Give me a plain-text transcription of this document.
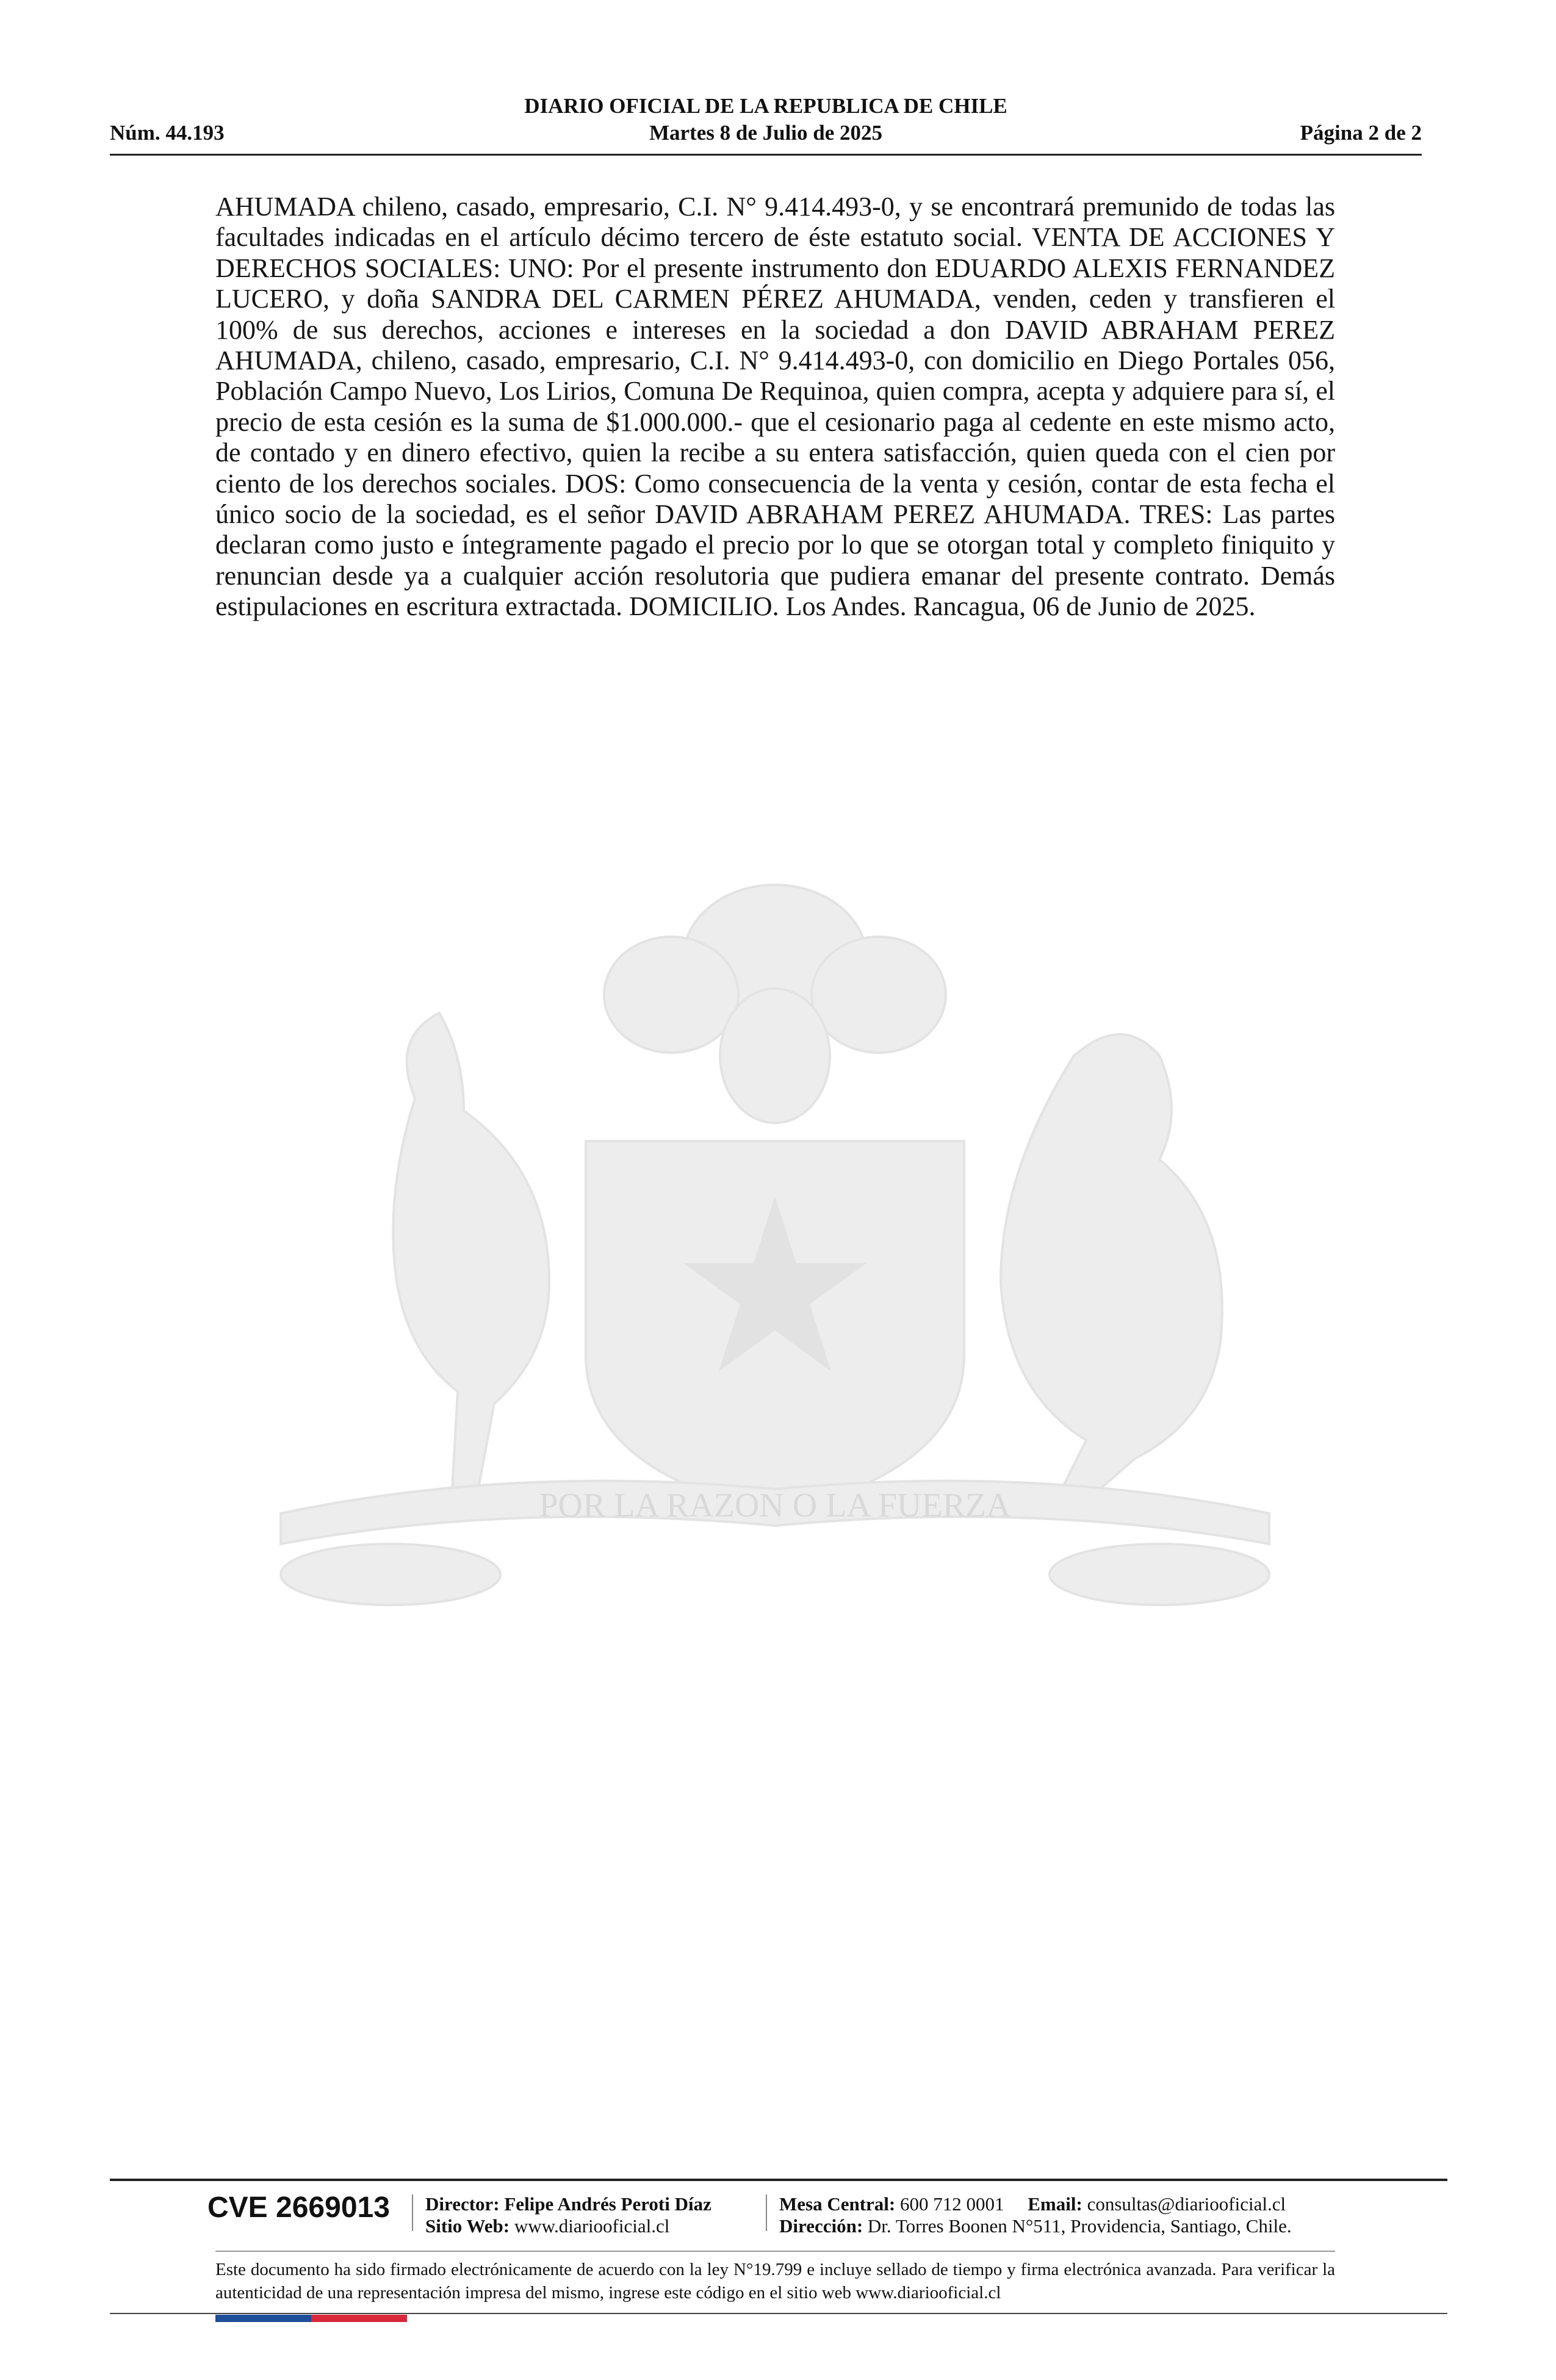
DIARIO OFICIAL DE LA REPUBLICA DE CHILE
Núm. 44.193	Martes 8 de Julio de 2025	Página 2 de 2
POR LA RAZON O LA FUERZA

AHUMADA chileno, casado, empresario, C.I. N° 9.414.493-0, y se encontrará premunido de todas las facultades indicadas en el artículo décimo tercero de éste estatuto social. VENTA DE ACCIONES Y DERECHOS SOCIALES: UNO: Por el presente instrumento don EDUARDO ALEXIS FERNANDEZ LUCERO, y doña SANDRA DEL CARMEN PÉREZ AHUMADA, venden, ceden y transfieren el 100% de sus derechos, acciones e intereses en la sociedad a don DAVID ABRAHAM PEREZ AHUMADA, chileno, casado, empresario, C.I. N° 9.414.493-0, con domicilio en Diego Portales 056, Población Campo Nuevo, Los Lirios, Comuna De Requinoa, quien compra, acepta y adquiere para sí, el precio de esta cesión es la suma de $1.000.000.- que el cesionario paga al cedente en este mismo acto, de contado y en dinero efectivo, quien la recibe a su entera satisfacción, quien queda con el cien por ciento de los derechos sociales. DOS: Como consecuencia de la venta y cesión, contar de esta fecha el único socio de la sociedad, es el señor DAVID ABRAHAM PEREZ AHUMADA. TRES: Las partes declaran como justo e íntegramente pagado el precio por lo que se otorgan total y completo finiquito y renuncian desde ya a cualquier acción resolutoria que pudiera emanar del presente contrato. Demás estipulaciones en escritura extractada. DOMICILIO. Los Andes. Rancagua, 06 de Junio de 2025.

CVE 2669013	Director: Felipe Andrés Peroti Díaz
Sitio Web: www.diariooficial.cl
Mesa Central: 600 712 0001 Email: consultas@diariooficial.cl
Dirección: Dr. Torres Boonen N°511, Providencia, Santiago, Chile.

Este documento ha sido firmado electrónicamente de acuerdo con la ley N°19.799 e incluye sellado de tiempo y firma electrónica avanzada. Para verificar la autenticidad de una representación impresa del mismo, ingrese este código en el sitio web www.diariooficial.cl
